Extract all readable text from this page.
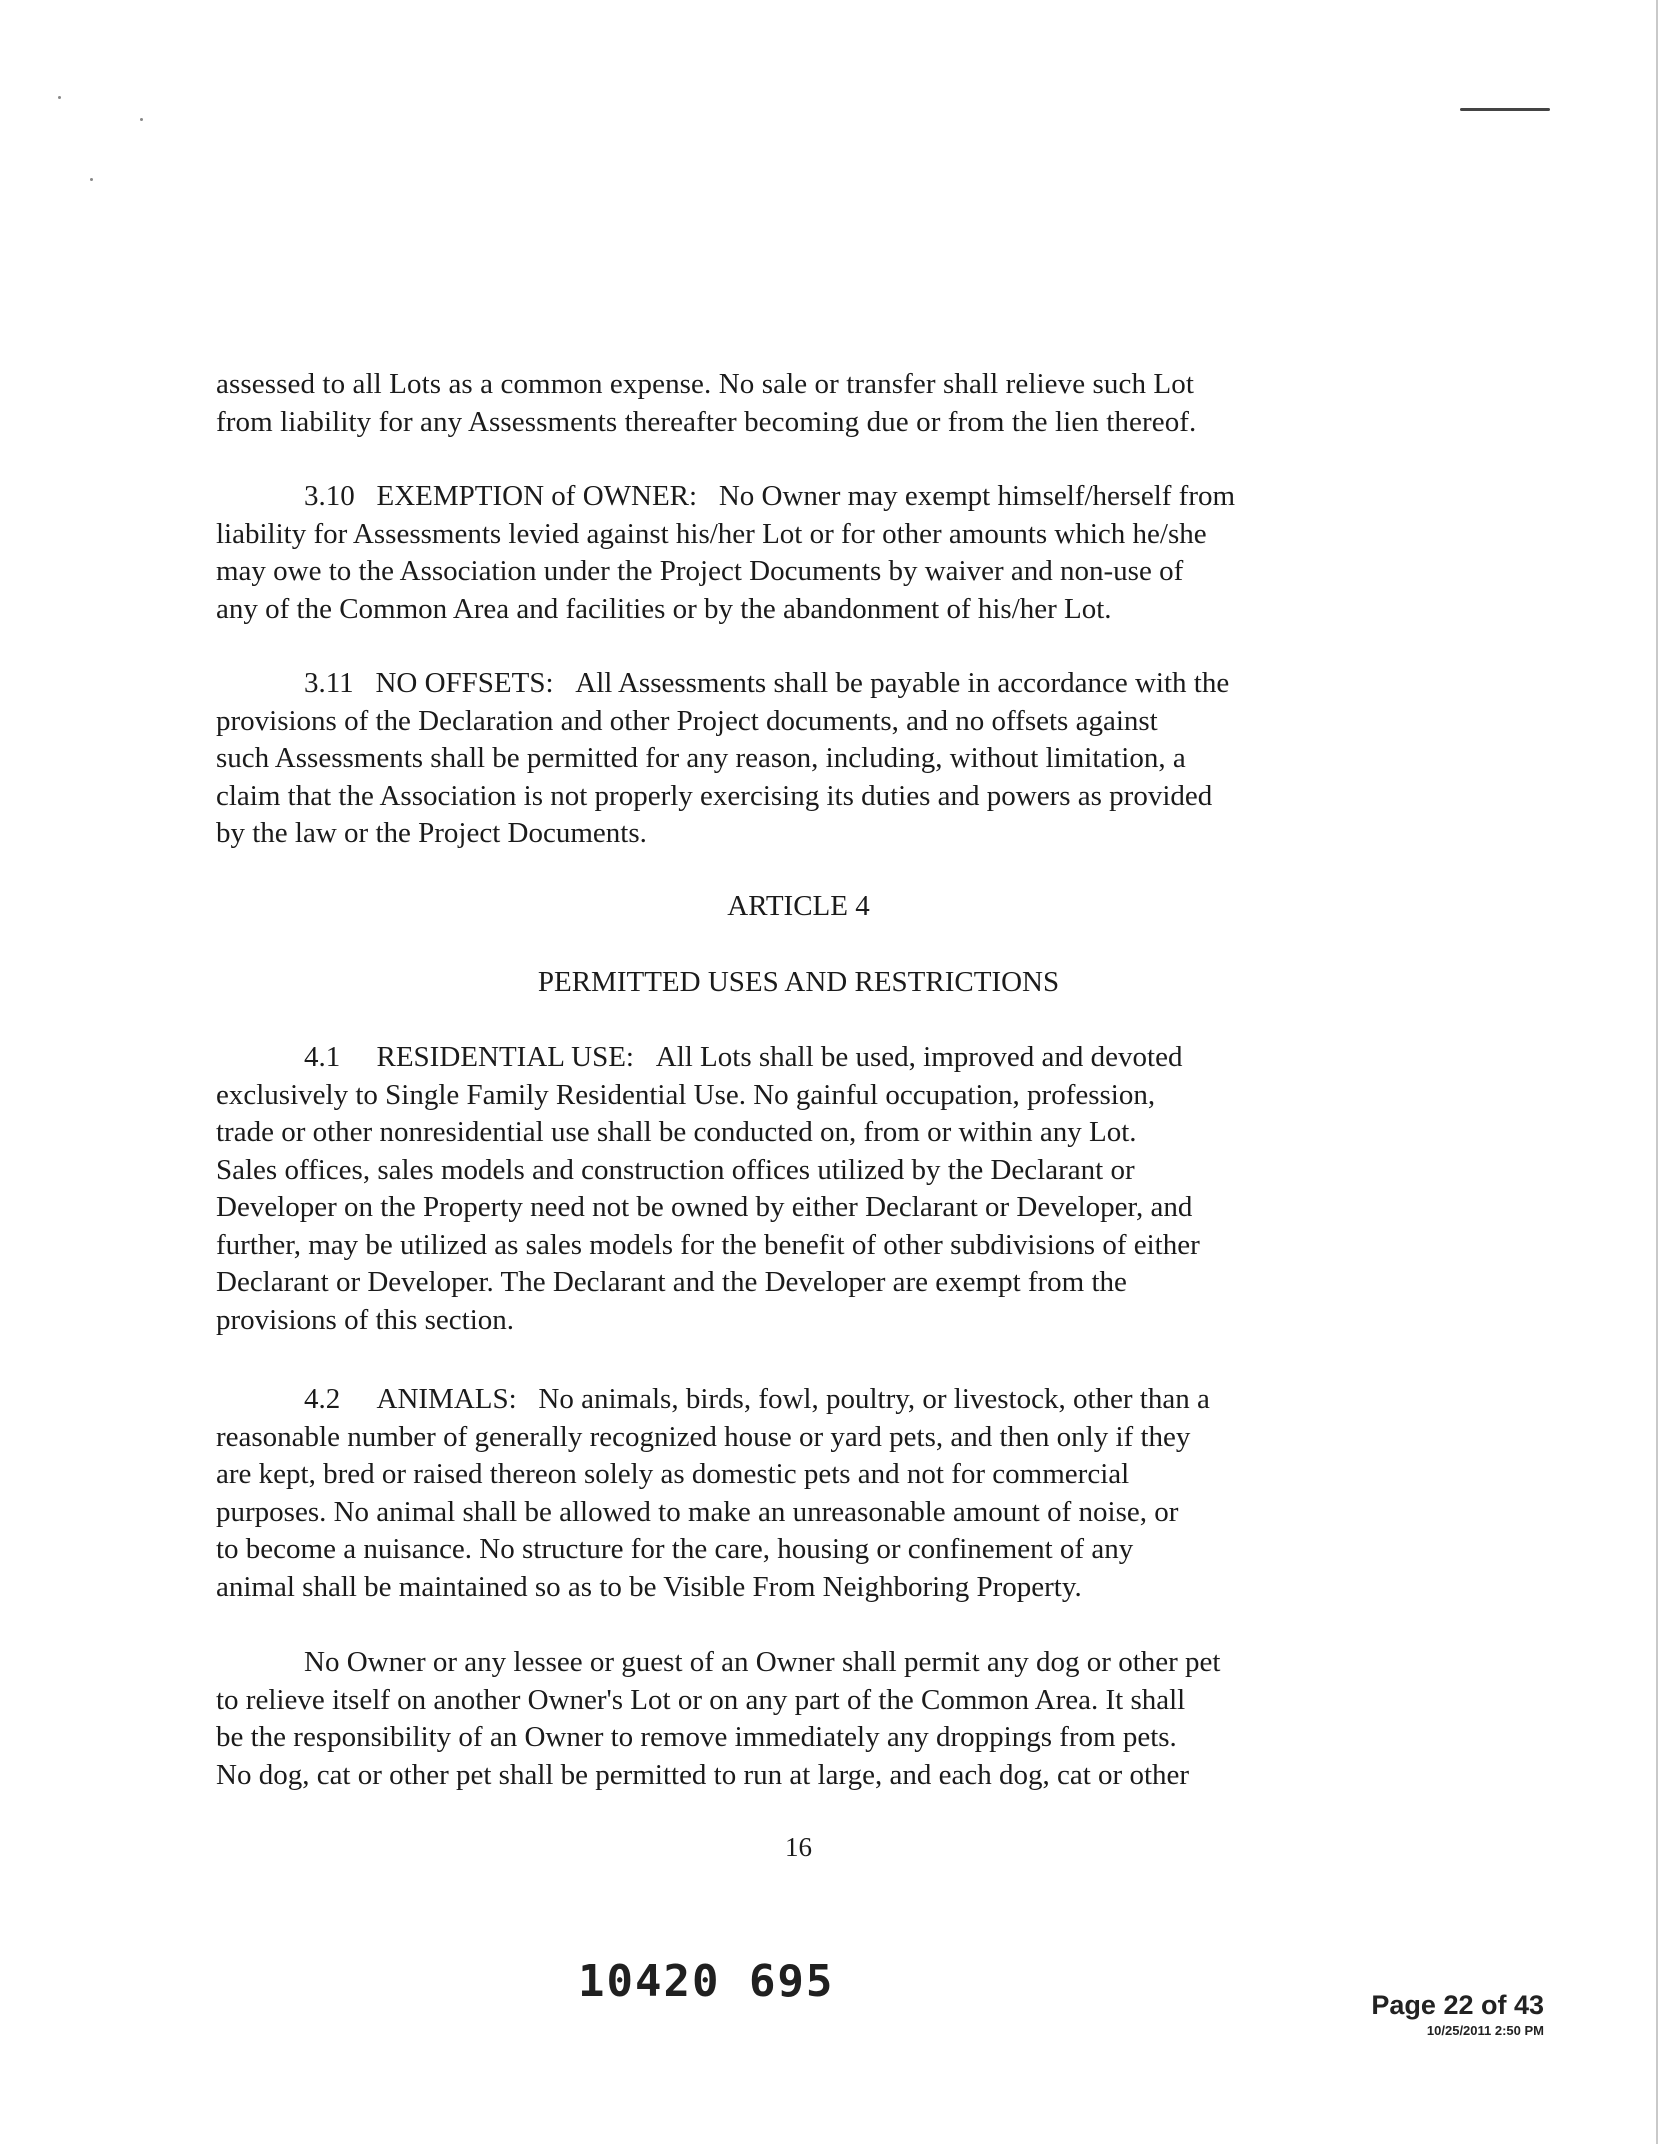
assessed to all Lots as a common expense. No sale or transfer shall relieve such Lot
from liability for any Assessments thereafter becoming due or from the lien thereof.
3.10 EXEMPTION of OWNER: No Owner may exempt himself/herself from
liability for Assessments levied against his/her Lot or for other amounts which he/she
may owe to the Association under the Project Documents by waiver and non-use of
any of the Common Area and facilities or by the abandonment of his/her Lot.
3.11 NO OFFSETS: All Assessments shall be payable in accordance with the
provisions of the Declaration and other Project documents, and no offsets against
such Assessments shall be permitted for any reason, including, without limitation, a
claim that the Association is not properly exercising its duties and powers as provided
by the law or the Project Documents.
ARTICLE 4
PERMITTED USES AND RESTRICTIONS
4.1 RESIDENTIAL USE: All Lots shall be used, improved and devoted
exclusively to Single Family Residential Use. No gainful occupation, profession,
trade or other nonresidential use shall be conducted on, from or within any Lot.
Sales offices, sales models and construction offices utilized by the Declarant or
Developer on the Property need not be owned by either Declarant or Developer, and
further, may be utilized as sales models for the benefit of other subdivisions of either
Declarant or Developer. The Declarant and the Developer are exempt from the
provisions of this section.
4.2 ANIMALS: No animals, birds, fowl, poultry, or livestock, other than a
reasonable number of generally recognized house or yard pets, and then only if they
are kept, bred or raised thereon solely as domestic pets and not for commercial
purposes. No animal shall be allowed to make an unreasonable amount of noise, or
to become a nuisance. No structure for the care, housing or confinement of any
animal shall be maintained so as to be Visible From Neighboring Property.
No Owner or any lessee or guest of an Owner shall permit any dog or other pet
to relieve itself on another Owner's Lot or on any part of the Common Area. It shall
be the responsibility of an Owner to remove immediately any droppings from pets.
No dog, cat or other pet shall be permitted to run at large, and each dog, cat or other
16
10420 695	Page 22 of 43
10/25/2011 2:50 PM
